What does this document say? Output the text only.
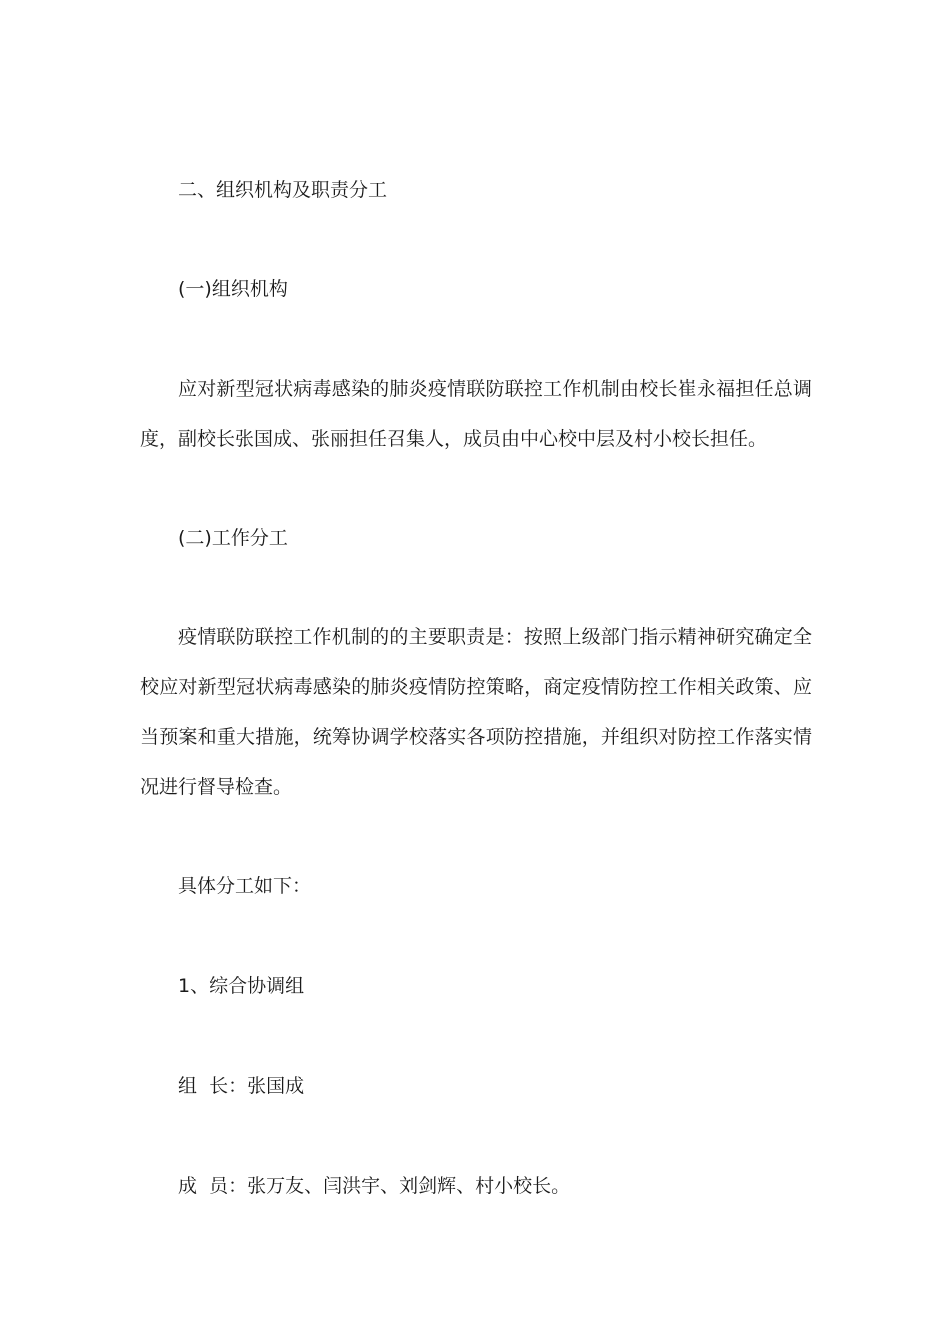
二、组织机构及职责分工

(一)组织机构

应对新型冠状病毒感染的肺炎疫情联防联控工作机制由校长崔永福担任总调度，副校长张国成、张丽担任召集人，成员由中心校中层及村小校长担任。

(二)工作分工

疫情联防联控工作机制的的主要职责是：按照上级部门指示精神研究确定全校应对新型冠状病毒感染的肺炎疫情防控策略，商定疫情防控工作相关政策、应当预案和重大措施，统筹协调学校落实各项防控措施，并组织对防控工作落实情况进行督导检查。

具体分工如下：

1、综合协调组

组  长：张国成

成  员：张万友、闫洪宇、刘剑辉、村小校长。
